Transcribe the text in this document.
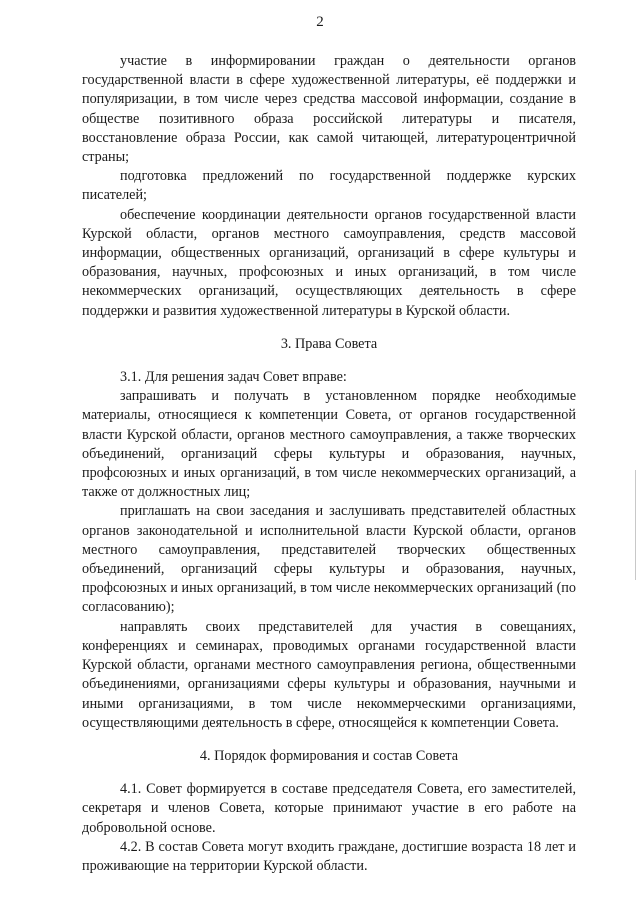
2

участие в информировании граждан о деятельности органов государственной власти в сфере художественной литературы, её поддержки и популяризации, в том числе через средства массовой информации, создание в обществе позитивного образа российской литературы и писателя, восстановление образа России, как самой читающей, литературоцентричной страны;

подготовка предложений по государственной поддержке курских писателей;

обеспечение координации деятельности органов государственной власти Курской области, органов местного самоуправления, средств массовой информации, общественных организаций, организаций в сфере культуры и образования, научных, профсоюзных и иных организаций, в том числе некоммерческих организаций, осуществляющих деятельность в сфере поддержки и развития художественной литературы в Курской области.

3. Права Совета

3.1. Для решения задач Совет вправе:

запрашивать и получать в установленном порядке необходимые материалы, относящиеся к компетенции Совета, от органов государственной власти Курской области, органов местного самоуправления, а также творческих объединений, организаций сферы культуры и образования, научных, профсоюзных и иных организаций, в том числе некоммерческих организаций, а также от должностных лиц;

приглашать на свои заседания и заслушивать представителей областных органов законодательной и исполнительной власти Курской области, органов местного самоуправления, представителей творческих общественных объединений, организаций сферы культуры и образования, научных, профсоюзных и иных организаций, в том числе некоммерческих организаций (по согласованию);

направлять своих представителей для участия в совещаниях, конференциях и семинарах, проводимых органами государственной власти Курской области, органами местного самоуправления региона, общественными объединениями, организациями сферы культуры и образования, научными и иными организациями, в том числе некоммерческими организациями, осуществляющими деятельность в сфере, относящейся к компетенции Совета.

4. Порядок формирования и состав Совета

4.1. Совет формируется в составе председателя Совета, его заместителей, секретаря и членов Совета, которые принимают участие в его работе на добровольной основе.

4.2. В состав Совета могут входить граждане, достигшие возраста 18 лет и проживающие на территории Курской области.
